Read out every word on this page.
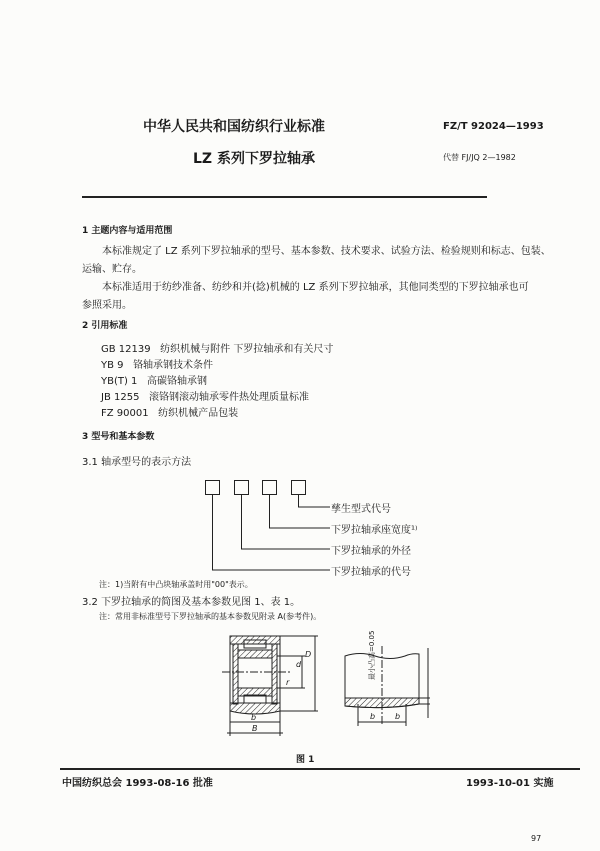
中华人民共和国纺织行业标准	FZ/T 92024—1993
LZ 系列下罗拉轴承	代替 FJ/JQ 2—1982
1 主题内容与适用范围
本标准规定了 LZ 系列下罗拉轴承的型号、基本参数、技术要求、试验方法、检验规则和标志、包装、
运输、贮存。
本标准适用于纺纱准备、纺纱和并(捻)机械的 LZ 系列下罗拉轴承，其他同类型的下罗拉轴承也可
参照采用。
2 引用标准
GB 12139 纺织机械与附件 下罗拉轴承和有关尺寸
YB 9 铬轴承钢技术条件
YB(T) 1 高碳铬轴承钢
JB 1255 滚铬钢滚动轴承零件热处理质量标准
FZ 90001 纺织机械产品包装
3 型号和基本参数
3.1 轴承型号的表示方法
孳生型式代号
下罗拉轴承座宽度¹⁾
下罗拉轴承的外径
下罗拉轴承的代号
注：1)当附有中凸块轴承盖时用"00"表示。
3.2 下罗拉轴承的简图及基本参数见图 1、表 1。
注：常用非标准型号下罗拉轴承的基本参数见附录 A(参考件)。
b
B
d
D
r
b b
最小凸高=0.05
图 1
中国纺织总会 1993-08-16 批准	1993-10-01 实施
97
